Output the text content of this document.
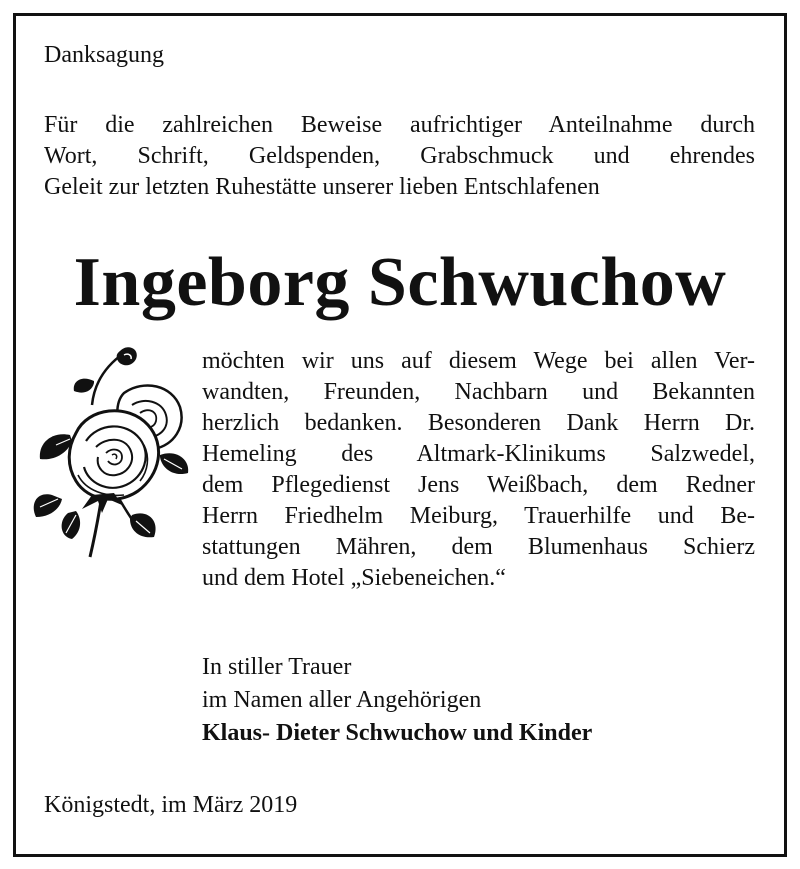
Danksagung
Für die zahlreichen Beweise aufrichtiger Anteilnahme durch
Wort, Schrift, Geldspenden, Grabschmuck und ehrendes
Geleit zur letzten Ruhestätte unserer lieben Entschlafenen
Ingeborg Schwuchow
möchten wir uns auf diesem Wege bei allen Ver-
wandten, Freunden, Nachbarn und Bekannten
herzlich bedanken. Besonderen Dank Herrn Dr.
Hemeling des Altmark-Klinikums Salzwedel,
dem Pflegedienst Jens Weißbach, dem Redner
Herrn Friedhelm Meiburg, Trauerhilfe und Be-
stattungen Mähren, dem Blumenhaus Schierz
und dem Hotel „Siebeneichen.“
In stiller Trauer
im Namen aller Angehörigen
Klaus- Dieter Schwuchow und Kinder
Königstedt, im März 2019
